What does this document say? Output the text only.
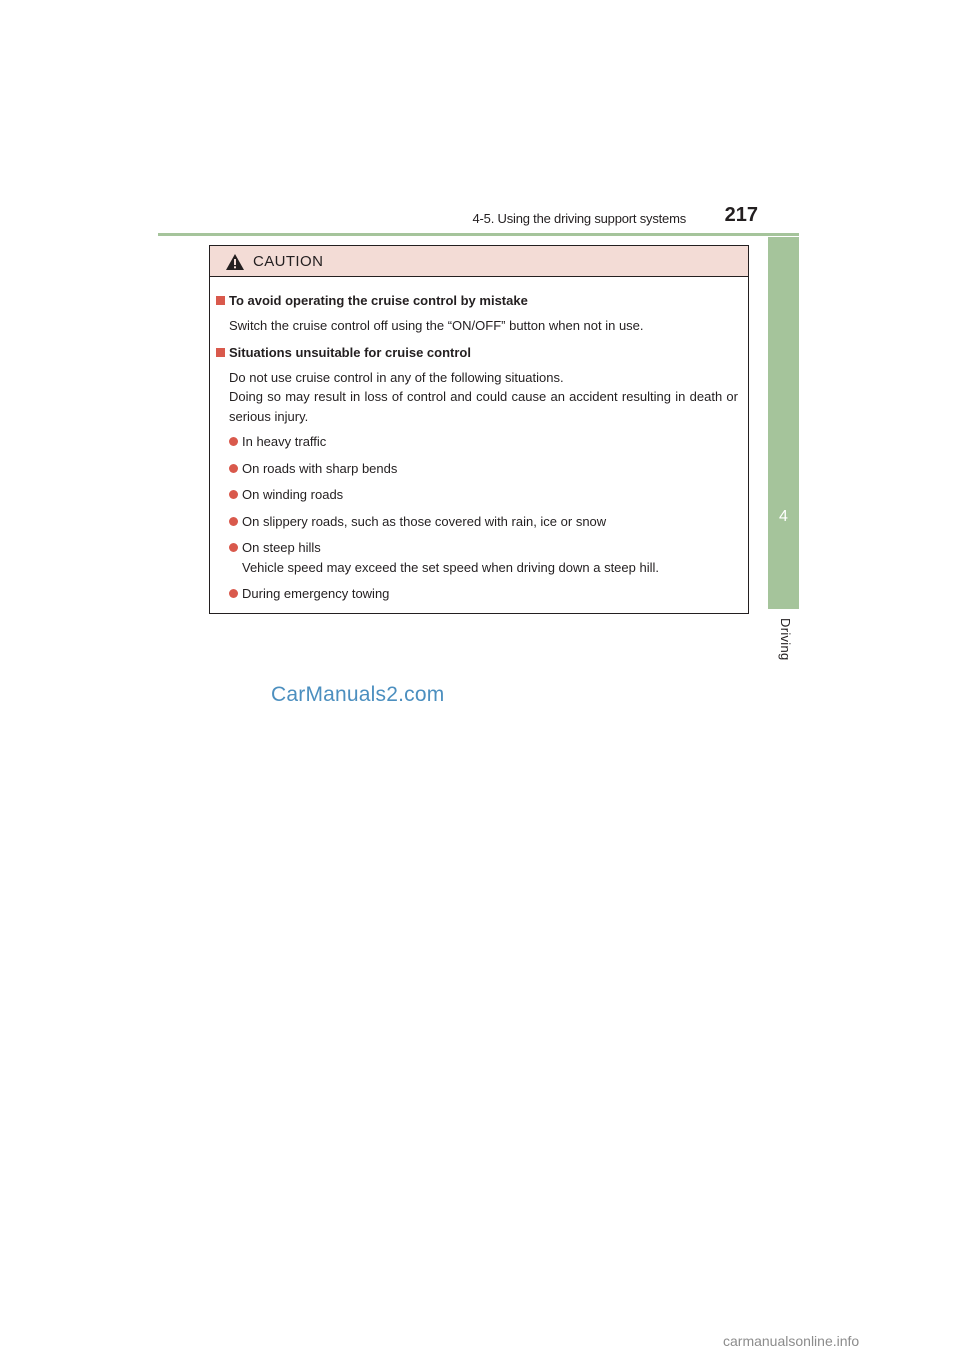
4-5. Using the driving support systems 217
4
Driving
CAUTION
To avoid operating the cruise control by mistake
Switch the cruise control off using the “ON/OFF” button when not in use.
Situations unsuitable for cruise control
Do not use cruise control in any of the following situations.
Doing so may result in loss of control and could cause an accident resulting in death or serious injury.
In heavy traffic
On roads with sharp bends
On winding roads
On slippery roads, such as those covered with rain, ice or snow
On steep hills
Vehicle speed may exceed the set speed when driving down a steep hill.
During emergency towing
CarManuals2.com
carmanualsonline.info
